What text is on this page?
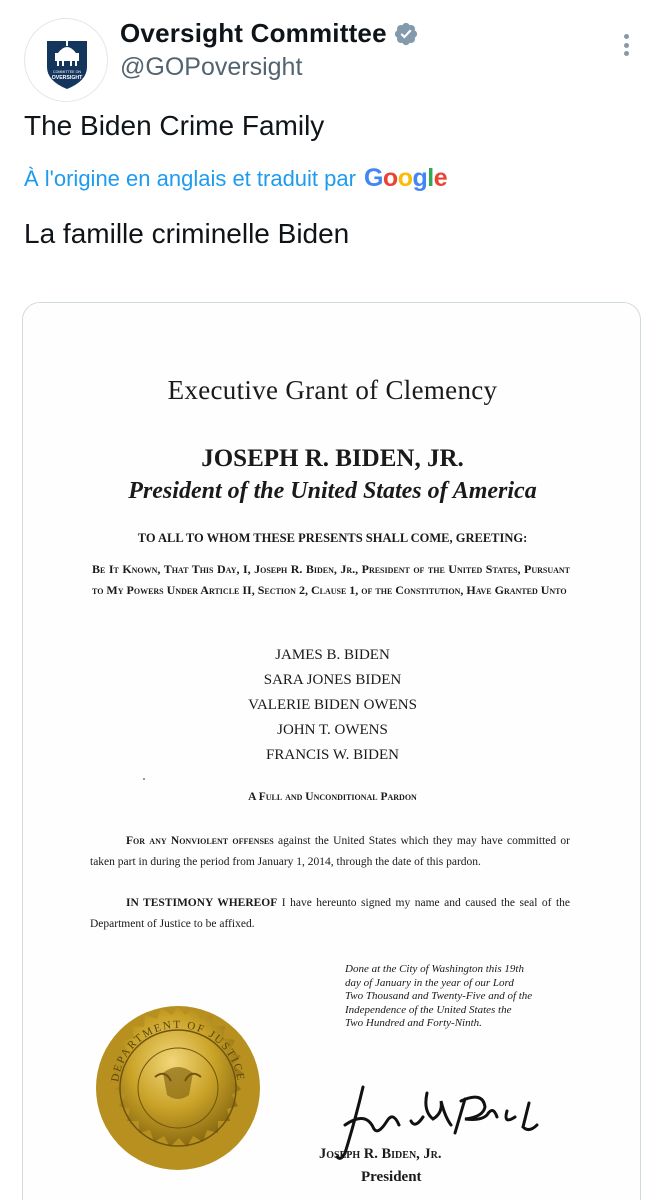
COMMITTEE ON
OVERSIGHT
Oversight Committee
@GOPoversight
The Biden Crime Family
À l'origine en anglais et traduit par Google
La famille criminelle Biden
Executive Grant of Clemency
JOSEPH R. BIDEN, JR.
President of the United States of America
TO ALL TO WHOM THESE PRESENTS SHALL COME, GREETING:
Be It Known, That This Day, I, Joseph R. Biden, Jr., President of the United States, Pursuant to My Powers Under Article II, Section 2, Clause 1, of the Constitution, Have Granted Unto
JAMES B. BIDEN
SARA JONES BIDEN
VALERIE BIDEN OWENS
JOHN T. OWENS
FRANCIS W. BIDEN
A Full and Unconditional Pardon
For any Nonviolent offenses against the United States which they may have committed or taken part in during the period from January 1, 2014, through the date of this pardon.
IN TESTIMONY WHEREOF I have hereunto signed my name and caused the seal of the Department of Justice to be affixed.
Done at the City of Washington this 19th
day of January in the year of our Lord
Two Thousand and Twenty-Five and of the
Independence of the United States the
Two Hundred and Forty-Ninth.
DEPARTMENT OF JUSTICE
Joseph R. Biden, Jr.
President
